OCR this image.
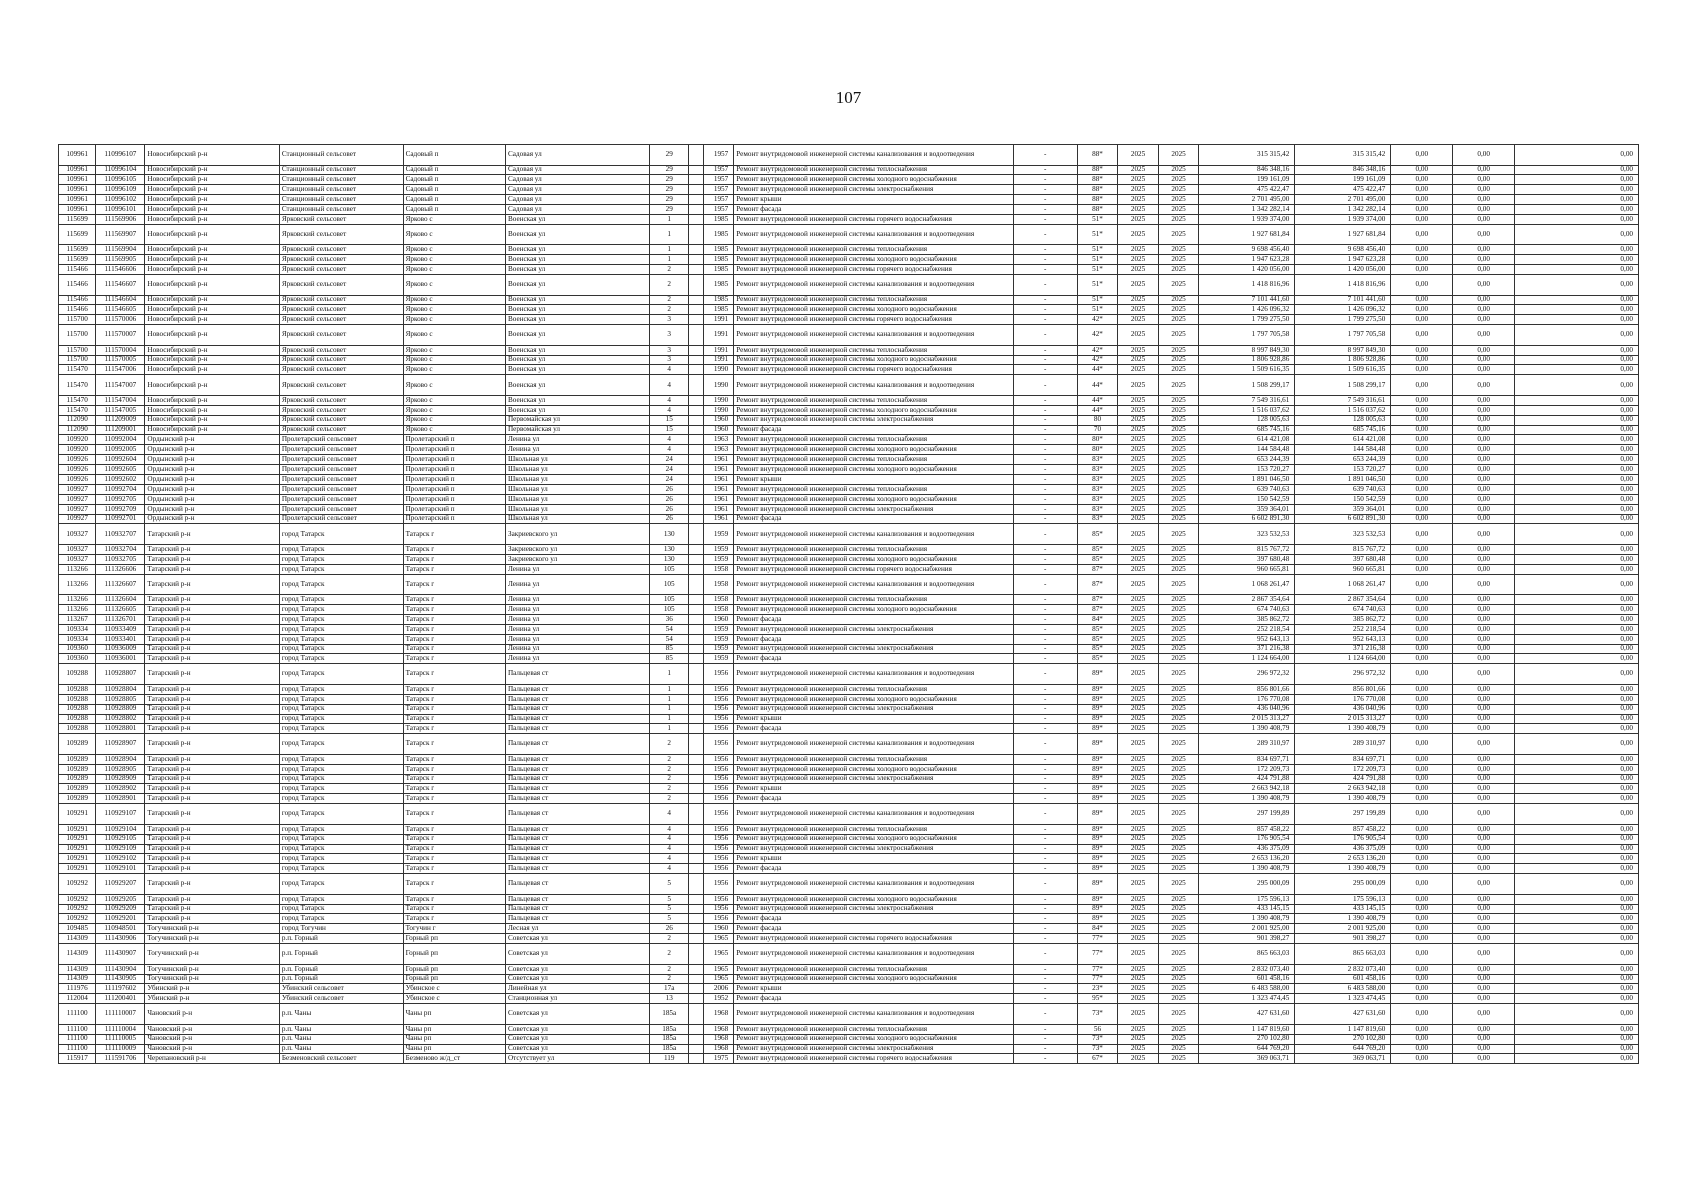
107
109961	110996107	Новосибирский р-н	Станционный сельсовет	Садовый п	Садовая ул	29		1957	Ремонт внутридомовой инженерной системы канализования и водоотведения	-	88*	2025	2025	315 315,42	315 315,42	0,00	0,00	0,00
109961	110996104	Новосибирский р-н	Станционный сельсовет	Садовый п	Садовая ул	29		1957	Ремонт внутридомовой инженерной системы теплоснабжения	-	88*	2025	2025	846 348,16	846 348,16	0,00	0,00	0,00
109961	110996105	Новосибирский р-н	Станционный сельсовет	Садовый п	Садовая ул	29		1957	Ремонт внутридомовой инженерной системы холодного водоснабжения	-	88*	2025	2025	199 161,09	199 161,09	0,00	0,00	0,00
109961	110996109	Новосибирский р-н	Станционный сельсовет	Садовый п	Садовая ул	29		1957	Ремонт внутридомовой инженерной системы электроснабжения	-	88*	2025	2025	475 422,47	475 422,47	0,00	0,00	0,00
109961	110996102	Новосибирский р-н	Станционный сельсовет	Садовый п	Садовая ул	29		1957	Ремонт крыши	-	88*	2025	2025	2 701 495,00	2 701 495,00	0,00	0,00	0,00
109961	110996101	Новосибирский р-н	Станционный сельсовет	Садовый п	Садовая ул	29		1957	Ремонт фасада	-	88*	2025	2025	1 342 282,14	1 342 282,14	0,00	0,00	0,00
115699	111569906	Новосибирский р-н	Ярковский сельсовет	Ярково с	Военская ул	1		1985	Ремонт внутридомовой инженерной системы горячего водоснабжения	-	51*	2025	2025	1 939 374,00	1 939 374,00	0,00	0,00	0,00
115699	111569907	Новосибирский р-н	Ярковский сельсовет	Ярково с	Военская ул	1		1985	Ремонт внутридомовой инженерной системы канализования и водоотведения	-	51*	2025	2025	1 927 681,84	1 927 681,84	0,00	0,00	0,00
115699	111569904	Новосибирский р-н	Ярковский сельсовет	Ярково с	Военская ул	1		1985	Ремонт внутридомовой инженерной системы теплоснабжения	-	51*	2025	2025	9 698 456,40	9 698 456,40	0,00	0,00	0,00
115699	111569905	Новосибирский р-н	Ярковский сельсовет	Ярково с	Военская ул	1		1985	Ремонт внутридомовой инженерной системы холодного водоснабжения	-	51*	2025	2025	1 947 623,28	1 947 623,28	0,00	0,00	0,00
115466	111546606	Новосибирский р-н	Ярковский сельсовет	Ярково с	Военская ул	2		1985	Ремонт внутридомовой инженерной системы горячего водоснабжения	-	51*	2025	2025	1 420 056,00	1 420 056,00	0,00	0,00	0,00
115466	111546607	Новосибирский р-н	Ярковский сельсовет	Ярково с	Военская ул	2		1985	Ремонт внутридомовой инженерной системы канализования и водоотведения	-	51*	2025	2025	1 418 816,96	1 418 816,96	0,00	0,00	0,00
115466	111546604	Новосибирский р-н	Ярковский сельсовет	Ярково с	Военская ул	2		1985	Ремонт внутридомовой инженерной системы теплоснабжения	-	51*	2025	2025	7 101 441,60	7 101 441,60	0,00	0,00	0,00
115466	111546605	Новосибирский р-н	Ярковский сельсовет	Ярково с	Военская ул	2		1985	Ремонт внутридомовой инженерной системы холодного водоснабжения	-	51*	2025	2025	1 426 096,32	1 426 096,32	0,00	0,00	0,00
115700	111570006	Новосибирский р-н	Ярковский сельсовет	Ярково с	Военская ул	3		1991	Ремонт внутридомовой инженерной системы горячего водоснабжения	-	42*	2025	2025	1 799 275,50	1 799 275,50	0,00	0,00	0,00
115700	111570007	Новосибирский р-н	Ярковский сельсовет	Ярково с	Военская ул	3		1991	Ремонт внутридомовой инженерной системы канализования и водоотведения	-	42*	2025	2025	1 797 705,58	1 797 705,58	0,00	0,00	0,00
115700	111570004	Новосибирский р-н	Ярковский сельсовет	Ярково с	Военская ул	3		1991	Ремонт внутридомовой инженерной системы теплоснабжения	-	42*	2025	2025	8 997 849,30	8 997 849,30	0,00	0,00	0,00
115700	111570005	Новосибирский р-н	Ярковский сельсовет	Ярково с	Военская ул	3		1991	Ремонт внутридомовой инженерной системы холодного водоснабжения	-	42*	2025	2025	1 806 928,86	1 806 928,86	0,00	0,00	0,00
115470	111547006	Новосибирский р-н	Ярковский сельсовет	Ярково с	Военская ул	4		1990	Ремонт внутридомовой инженерной системы горячего водоснабжения	-	44*	2025	2025	1 509 616,35	1 509 616,35	0,00	0,00	0,00
115470	111547007	Новосибирский р-н	Ярковский сельсовет	Ярково с	Военская ул	4		1990	Ремонт внутридомовой инженерной системы канализования и водоотведения	-	44*	2025	2025	1 508 299,17	1 508 299,17	0,00	0,00	0,00
115470	111547004	Новосибирский р-н	Ярковский сельсовет	Ярково с	Военская ул	4		1990	Ремонт внутридомовой инженерной системы теплоснабжения	-	44*	2025	2025	7 549 316,61	7 549 316,61	0,00	0,00	0,00
115470	111547005	Новосибирский р-н	Ярковский сельсовет	Ярково с	Военская ул	4		1990	Ремонт внутридомовой инженерной системы холодного водоснабжения	-	44*	2025	2025	1 516 037,62	1 516 037,62	0,00	0,00	0,00
112090	111209009	Новосибирский р-н	Ярковский сельсовет	Ярково с	Первомайская ул	15		1960	Ремонт внутридомовой инженерной системы электроснабжения	-	80	2025	2025	128 005,63	128 005,63	0,00	0,00	0,00
112090	111209001	Новосибирский р-н	Ярковский сельсовет	Ярково с	Первомайская ул	15		1960	Ремонт фасада	-	70	2025	2025	685 745,16	685 745,16	0,00	0,00	0,00
109920	110992004	Ордынский р-н	Пролетарский сельсовет	Пролетарский п	Ленина ул	4		1963	Ремонт внутридомовой инженерной системы теплоснабжения	-	80*	2025	2025	614 421,08	614 421,08	0,00	0,00	0,00
109920	110992005	Ордынский р-н	Пролетарский сельсовет	Пролетарский п	Ленина ул	4		1963	Ремонт внутридомовой инженерной системы холодного водоснабжения	-	80*	2025	2025	144 584,48	144 584,48	0,00	0,00	0,00
109926	110992604	Ордынский р-н	Пролетарский сельсовет	Пролетарский п	Школьная ул	24		1961	Ремонт внутридомовой инженерной системы теплоснабжения	-	83*	2025	2025	653 244,39	653 244,39	0,00	0,00	0,00
109926	110992605	Ордынский р-н	Пролетарский сельсовет	Пролетарский п	Школьная ул	24		1961	Ремонт внутридомовой инженерной системы холодного водоснабжения	-	83*	2025	2025	153 720,27	153 720,27	0,00	0,00	0,00
109926	110992602	Ордынский р-н	Пролетарский сельсовет	Пролетарский п	Школьная ул	24		1961	Ремонт крыши	-	83*	2025	2025	1 891 046,50	1 891 046,50	0,00	0,00	0,00
109927	110992704	Ордынский р-н	Пролетарский сельсовет	Пролетарский п	Школьная ул	26		1961	Ремонт внутридомовой инженерной системы теплоснабжения	-	83*	2025	2025	639 740,63	639 740,63	0,00	0,00	0,00
109927	110992705	Ордынский р-н	Пролетарский сельсовет	Пролетарский п	Школьная ул	26		1961	Ремонт внутридомовой инженерной системы холодного водоснабжения	-	83*	2025	2025	150 542,59	150 542,59	0,00	0,00	0,00
109927	110992709	Ордынский р-н	Пролетарский сельсовет	Пролетарский п	Школьная ул	26		1961	Ремонт внутридомовой инженерной системы электроснабжения	-	83*	2025	2025	359 364,01	359 364,01	0,00	0,00	0,00
109927	110992701	Ордынский р-н	Пролетарский сельсовет	Пролетарский п	Школьная ул	26		1961	Ремонт фасада	-	83*	2025	2025	6 602 891,30	6 602 891,30	0,00	0,00	0,00
109327	110932707	Татарский р-н	город Татарск	Татарск г	Закриевского ул	130		1959	Ремонт внутридомовой инженерной системы канализования и водоотведения	-	85*	2025	2025	323 532,53	323 532,53	0,00	0,00	0,00
109327	110932704	Татарский р-н	город Татарск	Татарск г	Закриевского ул	130		1959	Ремонт внутридомовой инженерной системы теплоснабжения	-	85*	2025	2025	815 767,72	815 767,72	0,00	0,00	0,00
109327	110932705	Татарский р-н	город Татарск	Татарск г	Закриевского ул	130		1959	Ремонт внутридомовой инженерной системы холодного водоснабжения	-	85*	2025	2025	397 680,48	397 680,48	0,00	0,00	0,00
113266	111326606	Татарский р-н	город Татарск	Татарск г	Ленина ул	105		1958	Ремонт внутридомовой инженерной системы горячего водоснабжения	-	87*	2025	2025	960 665,81	960 665,81	0,00	0,00	0,00
113266	111326607	Татарский р-н	город Татарск	Татарск г	Ленина ул	105		1958	Ремонт внутридомовой инженерной системы канализования и водоотведения	-	87*	2025	2025	1 068 261,47	1 068 261,47	0,00	0,00	0,00
113266	111326604	Татарский р-н	город Татарск	Татарск г	Ленина ул	105		1958	Ремонт внутридомовой инженерной системы теплоснабжения	-	87*	2025	2025	2 867 354,64	2 867 354,64	0,00	0,00	0,00
113266	111326605	Татарский р-н	город Татарск	Татарск г	Ленина ул	105		1958	Ремонт внутридомовой инженерной системы холодного водоснабжения	-	87*	2025	2025	674 740,63	674 740,63	0,00	0,00	0,00
113267	111326701	Татарский р-н	город Татарск	Татарск г	Ленина ул	36		1960	Ремонт фасада	-	84*	2025	2025	385 862,72	385 862,72	0,00	0,00	0,00
109334	110933409	Татарский р-н	город Татарск	Татарск г	Ленина ул	54		1959	Ремонт внутридомовой инженерной системы электроснабжения	-	85*	2025	2025	252 218,54	252 218,54	0,00	0,00	0,00
109334	110933401	Татарский р-н	город Татарск	Татарск г	Ленина ул	54		1959	Ремонт фасада	-	85*	2025	2025	952 643,13	952 643,13	0,00	0,00	0,00
109360	110936009	Татарский р-н	город Татарск	Татарск г	Ленина ул	85		1959	Ремонт внутридомовой инженерной системы электроснабжения	-	85*	2025	2025	371 216,38	371 216,38	0,00	0,00	0,00
109360	110936001	Татарский р-н	город Татарск	Татарск г	Ленина ул	85		1959	Ремонт фасада	-	85*	2025	2025	1 124 664,00	1 124 664,00	0,00	0,00	0,00
109288	110928807	Татарский р-н	город Татарск	Татарск г	Пальцевая ст	1		1956	Ремонт внутридомовой инженерной системы канализования и водоотведения	-	89*	2025	2025	296 972,32	296 972,32	0,00	0,00	0,00
109288	110928804	Татарский р-н	город Татарск	Татарск г	Пальцевая ст	1		1956	Ремонт внутридомовой инженерной системы теплоснабжения	-	89*	2025	2025	856 801,66	856 801,66	0,00	0,00	0,00
109288	110928805	Татарский р-н	город Татарск	Татарск г	Пальцевая ст	1		1956	Ремонт внутридомовой инженерной системы холодного водоснабжения	-	89*	2025	2025	176 770,08	176 770,08	0,00	0,00	0,00
109288	110928809	Татарский р-н	город Татарск	Татарск г	Пальцевая ст	1		1956	Ремонт внутридомовой инженерной системы электроснабжения	-	89*	2025	2025	436 040,96	436 040,96	0,00	0,00	0,00
109288	110928802	Татарский р-н	город Татарск	Татарск г	Пальцевая ст	1		1956	Ремонт крыши	-	89*	2025	2025	2 015 313,27	2 015 313,27	0,00	0,00	0,00
109288	110928801	Татарский р-н	город Татарск	Татарск г	Пальцевая ст	1		1956	Ремонт фасада	-	89*	2025	2025	1 390 408,79	1 390 408,79	0,00	0,00	0,00
109289	110928907	Татарский р-н	город Татарск	Татарск г	Пальцевая ст	2		1956	Ремонт внутридомовой инженерной системы канализования и водоотведения	-	89*	2025	2025	289 310,97	289 310,97	0,00	0,00	0,00
109289	110928904	Татарский р-н	город Татарск	Татарск г	Пальцевая ст	2		1956	Ремонт внутридомовой инженерной системы теплоснабжения	-	89*	2025	2025	834 697,71	834 697,71	0,00	0,00	0,00
109289	110928905	Татарский р-н	город Татарск	Татарск г	Пальцевая ст	2		1956	Ремонт внутридомовой инженерной системы холодного водоснабжения	-	89*	2025	2025	172 209,73	172 209,73	0,00	0,00	0,00
109289	110928909	Татарский р-н	город Татарск	Татарск г	Пальцевая ст	2		1956	Ремонт внутридомовой инженерной системы электроснабжения	-	89*	2025	2025	424 791,88	424 791,88	0,00	0,00	0,00
109289	110928902	Татарский р-н	город Татарск	Татарск г	Пальцевая ст	2		1956	Ремонт крыши	-	89*	2025	2025	2 663 942,18	2 663 942,18	0,00	0,00	0,00
109289	110928901	Татарский р-н	город Татарск	Татарск г	Пальцевая ст	2		1956	Ремонт фасада	-	89*	2025	2025	1 390 408,79	1 390 408,79	0,00	0,00	0,00
109291	110929107	Татарский р-н	город Татарск	Татарск г	Пальцевая ст	4		1956	Ремонт внутридомовой инженерной системы канализования и водоотведения	-	89*	2025	2025	297 199,89	297 199,89	0,00	0,00	0,00
109291	110929104	Татарский р-н	город Татарск	Татарск г	Пальцевая ст	4		1956	Ремонт внутридомовой инженерной системы теплоснабжения	-	89*	2025	2025	857 458,22	857 458,22	0,00	0,00	0,00
109291	110929105	Татарский р-н	город Татарск	Татарск г	Пальцевая ст	4		1956	Ремонт внутридомовой инженерной системы холодного водоснабжения	-	89*	2025	2025	176 905,54	176 905,54	0,00	0,00	0,00
109291	110929109	Татарский р-н	город Татарск	Татарск г	Пальцевая ст	4		1956	Ремонт внутридомовой инженерной системы электроснабжения	-	89*	2025	2025	436 375,09	436 375,09	0,00	0,00	0,00
109291	110929102	Татарский р-н	город Татарск	Татарск г	Пальцевая ст	4		1956	Ремонт крыши	-	89*	2025	2025	2 653 136,20	2 653 136,20	0,00	0,00	0,00
109291	110929101	Татарский р-н	город Татарск	Татарск г	Пальцевая ст	4		1956	Ремонт фасада	-	89*	2025	2025	1 390 408,79	1 390 408,79	0,00	0,00	0,00
109292	110929207	Татарский р-н	город Татарск	Татарск г	Пальцевая ст	5		1956	Ремонт внутридомовой инженерной системы канализования и водоотведения	-	89*	2025	2025	295 000,09	295 000,09	0,00	0,00	0,00
109292	110929205	Татарский р-н	город Татарск	Татарск г	Пальцевая ст	5		1956	Ремонт внутридомовой инженерной системы холодного водоснабжения	-	89*	2025	2025	175 596,13	175 596,13	0,00	0,00	0,00
109292	110929209	Татарский р-н	город Татарск	Татарск г	Пальцевая ст	5		1956	Ремонт внутридомовой инженерной системы электроснабжения	-	89*	2025	2025	433 145,15	433 145,15	0,00	0,00	0,00
109292	110929201	Татарский р-н	город Татарск	Татарск г	Пальцевая ст	5		1956	Ремонт фасада	-	89*	2025	2025	1 390 408,79	1 390 408,79	0,00	0,00	0,00
109485	110948501	Тогучинский р-н	город Тогучин	Тогучин г	Лесная ул	26		1960	Ремонт фасада	-	84*	2025	2025	2 001 925,00	2 001 925,00	0,00	0,00	0,00
114309	111430906	Тогучинский р-н	р.п. Горный	Горный рп	Советская ул	2		1965	Ремонт внутридомовой инженерной системы горячего водоснабжения	-	77*	2025	2025	901 398,27	901 398,27	0,00	0,00	0,00
114309	111430907	Тогучинский р-н	р.п. Горный	Горный рп	Советская ул	2		1965	Ремонт внутридомовой инженерной системы канализования и водоотведения	-	77*	2025	2025	865 663,03	865 663,03	0,00	0,00	0,00
114309	111430904	Тогучинский р-н	р.п. Горный	Горный рп	Советская ул	2		1965	Ремонт внутридомовой инженерной системы теплоснабжения	-	77*	2025	2025	2 832 073,40	2 832 073,40	0,00	0,00	0,00
114309	111430905	Тогучинский р-н	р.п. Горный	Горный рп	Советская ул	2		1965	Ремонт внутридомовой инженерной системы холодного водоснабжения	-	77*	2025	2025	601 458,16	601 458,16	0,00	0,00	0,00
111976	111197602	Убинский р-н	Убинский сельсовет	Убинское с	Линейная ул	17а		2006	Ремонт крыши	-	23*	2025	2025	6 483 588,00	6 483 588,00	0,00	0,00	0,00
112004	111200401	Убинский р-н	Убинский сельсовет	Убинское с	Станционная ул	13		1952	Ремонт фасада	-	95*	2025	2025	1 323 474,45	1 323 474,45	0,00	0,00	0,00
111100	111110007	Чановский р-н	р.п. Чаны	Чаны рп	Советская ул	185а		1968	Ремонт внутридомовой инженерной системы канализования и водоотведения	-	73*	2025	2025	427 631,60	427 631,60	0,00	0,00	0,00
111100	111110004	Чановский р-н	р.п. Чаны	Чаны рп	Советская ул	185а		1968	Ремонт внутридомовой инженерной системы теплоснабжения	-	56	2025	2025	1 147 819,60	1 147 819,60	0,00	0,00	0,00
111100	111110005	Чановский р-н	р.п. Чаны	Чаны рп	Советская ул	185а		1968	Ремонт внутридомовой инженерной системы холодного водоснабжения	-	73*	2025	2025	270 102,80	270 102,80	0,00	0,00	0,00
111100	111110009	Чановский р-н	р.п. Чаны	Чаны рп	Советская ул	185а		1968	Ремонт внутридомовой инженерной системы электроснабжения	-	73*	2025	2025	644 769,20	644 769,20	0,00	0,00	0,00
115917	111591706	Черепановский р-н	Безменовский сельсовет	Безменово ж/д_ст	Отсутствует ул	119		1975	Ремонт внутридомовой инженерной системы горячего водоснабжения	-	67*	2025	2025	369 063,71	369 063,71	0,00	0,00	0,00
